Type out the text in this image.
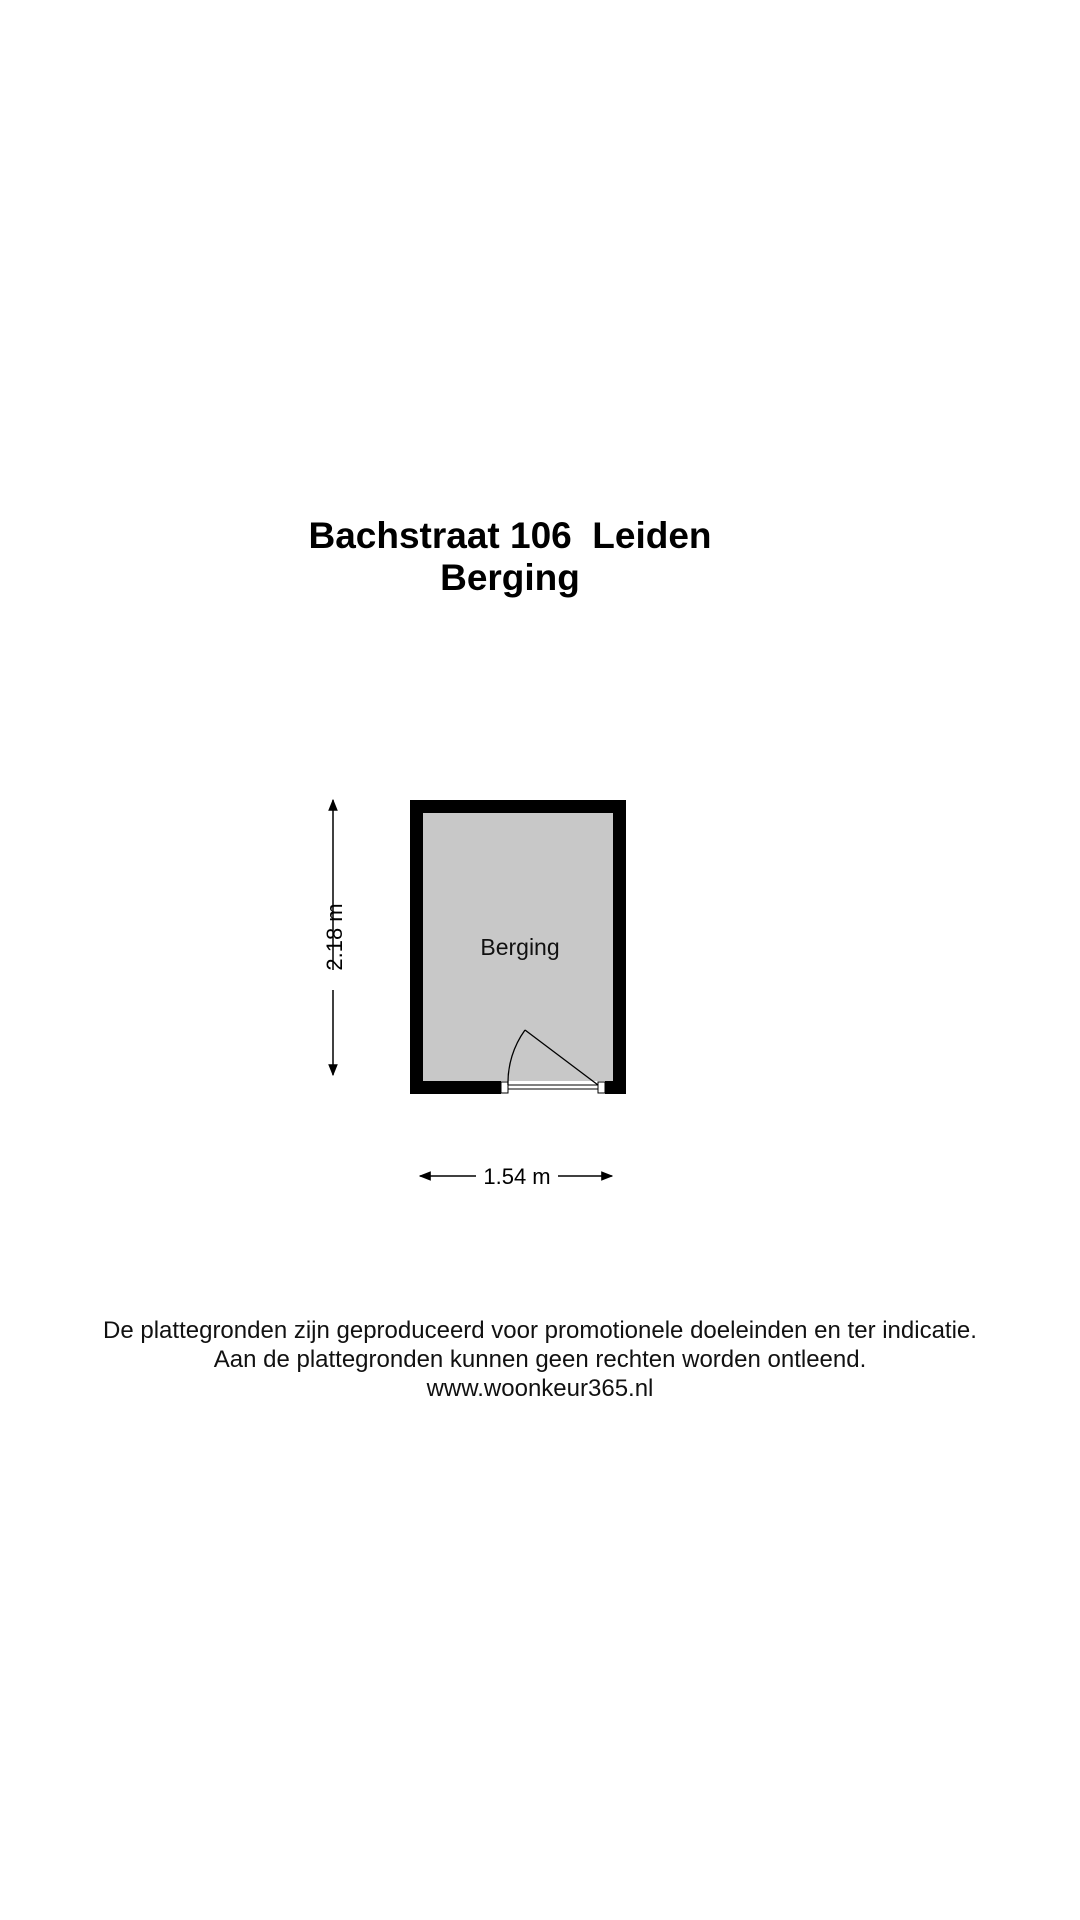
Bachstraat 106  Leiden
Berging
2.18 m	Berging
1.54 m
De plattegronden zijn geproduceerd voor promotionele doeleinden en ter indicatie.
Aan de plattegronden kunnen geen rechten worden ontleend.
www.woonkeur365.nl
